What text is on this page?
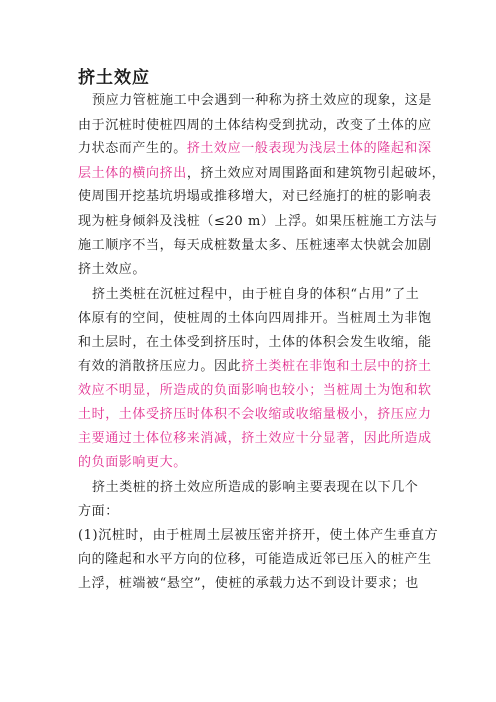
挤土效应
预应力管桩施工中会遇到一种称为挤土效应的现象，这是
由于沉桩时使桩四周的土体结构受到扰动，改变了土体的应
力状态而产生的。挤土效应一般表现为浅层土体的隆起和深
层土体的横向挤出，挤土效应对周围路面和建筑物引起破坏，
使周围开挖基坑坍塌或推移增大，对已经施打的桩的影响表
现为桩身倾斜及浅桩（≤20 m）上浮。如果压桩施工方法与
施工顺序不当，每天成桩数量太多、压桩速率太快就会加剧
挤土效应。
挤土类桩在沉桩过程中，由于桩自身的体积“占用”了土
体原有的空间，使桩周的土体向四周排开。当桩周土为非饱
和土层时，在土体受到挤压时，土体的体积会发生收缩，能
有效的消散挤压应力。因此挤土类桩在非饱和土层中的挤土
效应不明显，所造成的负面影响也较小；当桩周土为饱和软
土时，土体受挤压时体积不会收缩或收缩量极小，挤压应力
主要通过土体位移来消减，挤土效应十分显著，因此所造成
的负面影响更大。
挤土类桩的挤土效应所造成的影响主要表现在以下几个
方面：
(1)沉桩时，由于桩周土层被压密并挤开，使土体产生垂直方
向的隆起和水平方向的位移，可能造成近邻已压入的桩产生
上浮，桩端被“悬空”，使桩的承载力达不到设计要求；也
